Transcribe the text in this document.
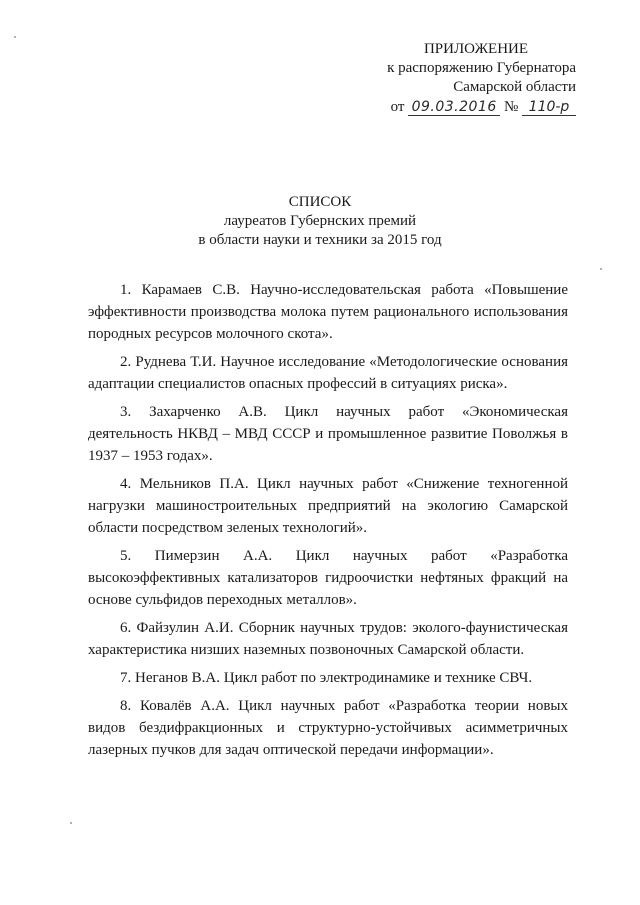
ПРИЛОЖЕНИЕ
к распоряжению Губернатора
Самарской области
от 09.03.2016 № 110-р
СПИСОК
лауреатов Губернских премий
в области науки и техники за 2015 год

1. Карамаев С.В. Научно-исследовательская работа «Повышение эффективности производства молока путем рационального использования породных ресурсов молочного скота».

2. Руднева Т.И. Научное исследование «Методологические основания адаптации специалистов опасных профессий в ситуациях риска».

3. Захарченко А.В. Цикл научных работ «Экономическая деятельность НКВД – МВД СССР и промышленное развитие Поволжья в 1937 – 1953 годах».

4. Мельников П.А. Цикл научных работ «Снижение техногенной нагрузки машиностроительных предприятий на экологию Самарской области посредством зеленых технологий».

5. Пимерзин А.А. Цикл научных работ «Разработка высокоэффективных катализаторов гидроочистки нефтяных фракций на основе сульфидов переходных металлов».

6. Файзулин А.И. Сборник научных трудов: эколого-фаунистическая характеристика низших наземных позвоночных Самарской области.

7. Неганов В.А. Цикл работ по электродинамике и технике СВЧ.

8. Ковалёв А.А. Цикл научных работ «Разработка теории новых видов бездифракционных и структурно-устойчивых асимметричных лазерных пучков для задач оптической передачи информации».
